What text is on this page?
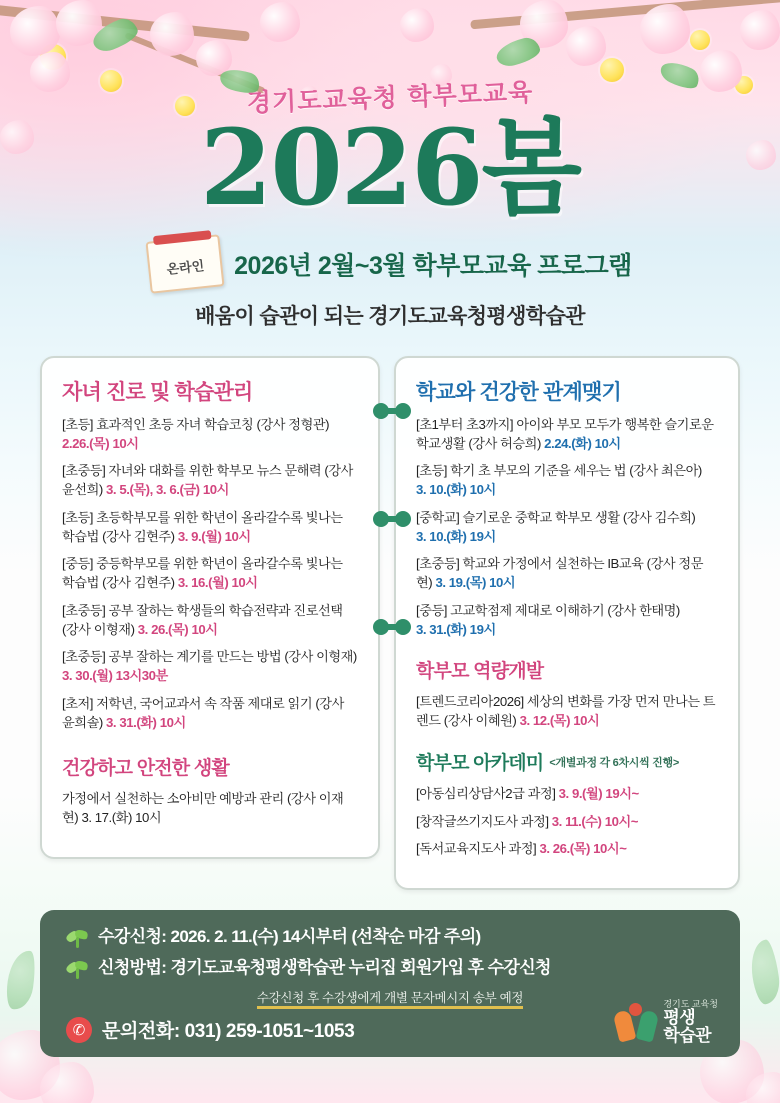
경기도교육청 학부모교육
2026봄
온라인 2026년 2월~3월 학부모교육 프로그램
배움이 습관이 되는 경기도교육청평생학습관
자녀 진로 및 학습관리
[초등] 효과적인 초등 자녀 학습코칭 (강사 정형관)
2.26.(목) 10시
[초중등] 자녀와 대화를 위한 학부모 뉴스 문해력 (강사 윤선희) 3. 5.(목), 3. 6.(금) 10시
[초등] 초등학부모를 위한 학년이 올라갈수록 빛나는 학습법 (강사 김현주) 3. 9.(월) 10시
[중등] 중등학부모를 위한 학년이 올라갈수록 빛나는 학습법 (강사 김현주) 3. 16.(월) 10시
[초중등] 공부 잘하는 학생들의 학습전략과 진로선택 (강사 이형재) 3. 26.(목) 10시
[초중등] 공부 잘하는 계기를 만드는 방법 (강사 이형재) 3. 30.(월) 13시30분
[초저] 저학년, 국어교과서 속 작품 제대로 읽기 (강사 윤희솔) 3. 31.(화) 10시
건강하고 안전한 생활
가정에서 실천하는 소아비만 예방과 관리 (강사 이재현) 3. 17.(화) 10시
학교와 건강한 관계맺기
[초1부터 초3까지] 아이와 부모 모두가 행복한 슬기로운 학교생활 (강사 허승희) 2.24.(화) 10시
[초등] 학기 초 부모의 기준을 세우는 법 (강사 최은아) 3. 10.(화) 10시
[중학교] 슬기로운 중학교 학부모 생활 (강사 김수희) 3. 10.(화) 19시
[초중등] 학교와 가정에서 실천하는 IB교육 (강사 정문현) 3. 19.(목) 10시
[중등] 고교학점제 제대로 이해하기 (강사 한태명) 3. 31.(화) 19시
학부모 역량개발
[트렌드코리아2026] 세상의 변화를 가장 먼저 만나는 트렌드 (강사 이혜원) 3. 12.(목) 10시
학부모 아카데미 <개별과정 각 6차시씩 진행>
[아동심리상담사2급 과정] 3. 9.(월) 19시~
[창작글쓰기지도사 과정] 3. 11.(수) 10시~
[독서교육지도사 과정] 3. 26.(목) 10시~
수강신청: 2026. 2. 11.(수) 14시부터 (선착순 마감 주의)
신청방법: 경기도교육청평생학습관 누리집 회원가입 후 수강신청
수강신청 후 수강생에게 개별 문자메시지 송부 예정
✆ 문의전화: 031) 259-1051~1053
경기도 교육청
평생
학습관
